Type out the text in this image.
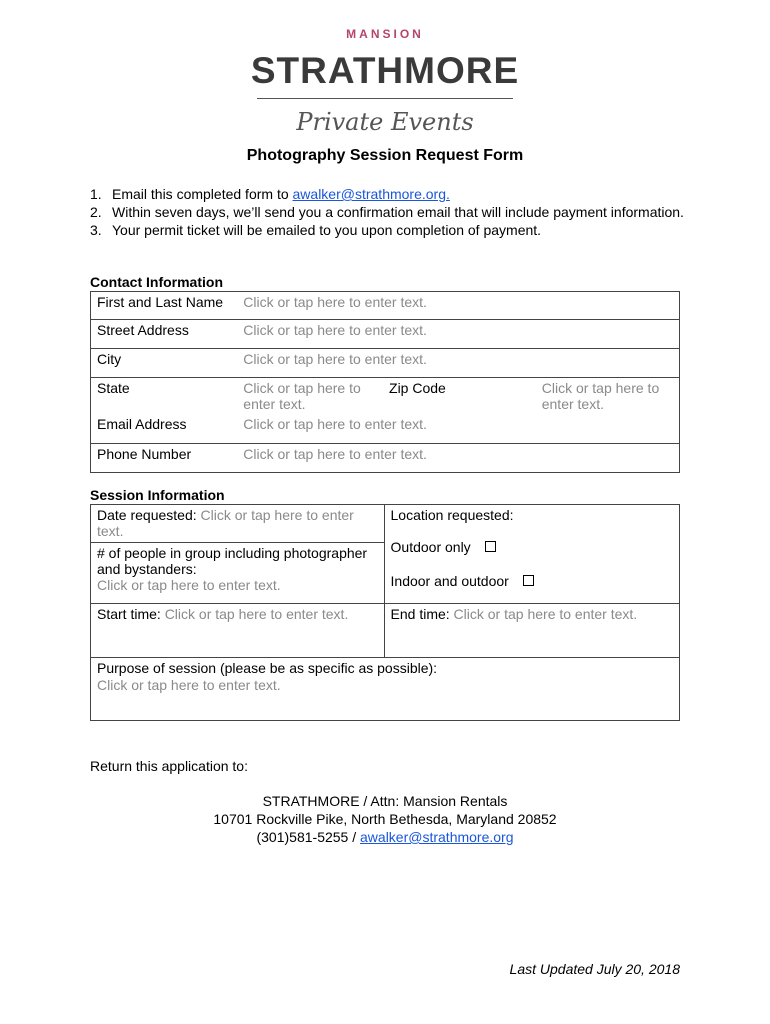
MANSION
STRATHMORE
Private Events
Photography Session Request Form
1. Email this completed form to awalker@strathmore.org.
2. Within seven days, we’ll send you a confirmation email that will include payment information.
3. Your permit ticket will be emailed to you upon completion of payment.
Contact Information
First and Last Name	Click or tap here to enter text.		
Street Address	Click or tap here to enter text.		
City	Click or tap here to enter text.		
State	Click or tap here to enter text.	Zip Code	Click or tap here to enter text.
Email Address	Click or tap here to enter text.		
Phone Number	Click or tap here to enter text.		
Session Information
Date requested: Click or tap here to enter text.	Location requested:
Outdoor only
Indoor and outdoor

# of people in group including photographer and bystanders:
Click or tap here to enter text.	

Start time: Click or tap here to enter text.	End time: Click or tap here to enter text.

Purpose of session (please be as specific as possible):
Click or tap here to enter text.	
Return this application to:
STRATHMORE / Attn: Mansion Rentals
10701 Rockville Pike, North Bethesda, Maryland 20852
(301)581-5255 / awalker@strathmore.org
Last Updated July 20, 2018
